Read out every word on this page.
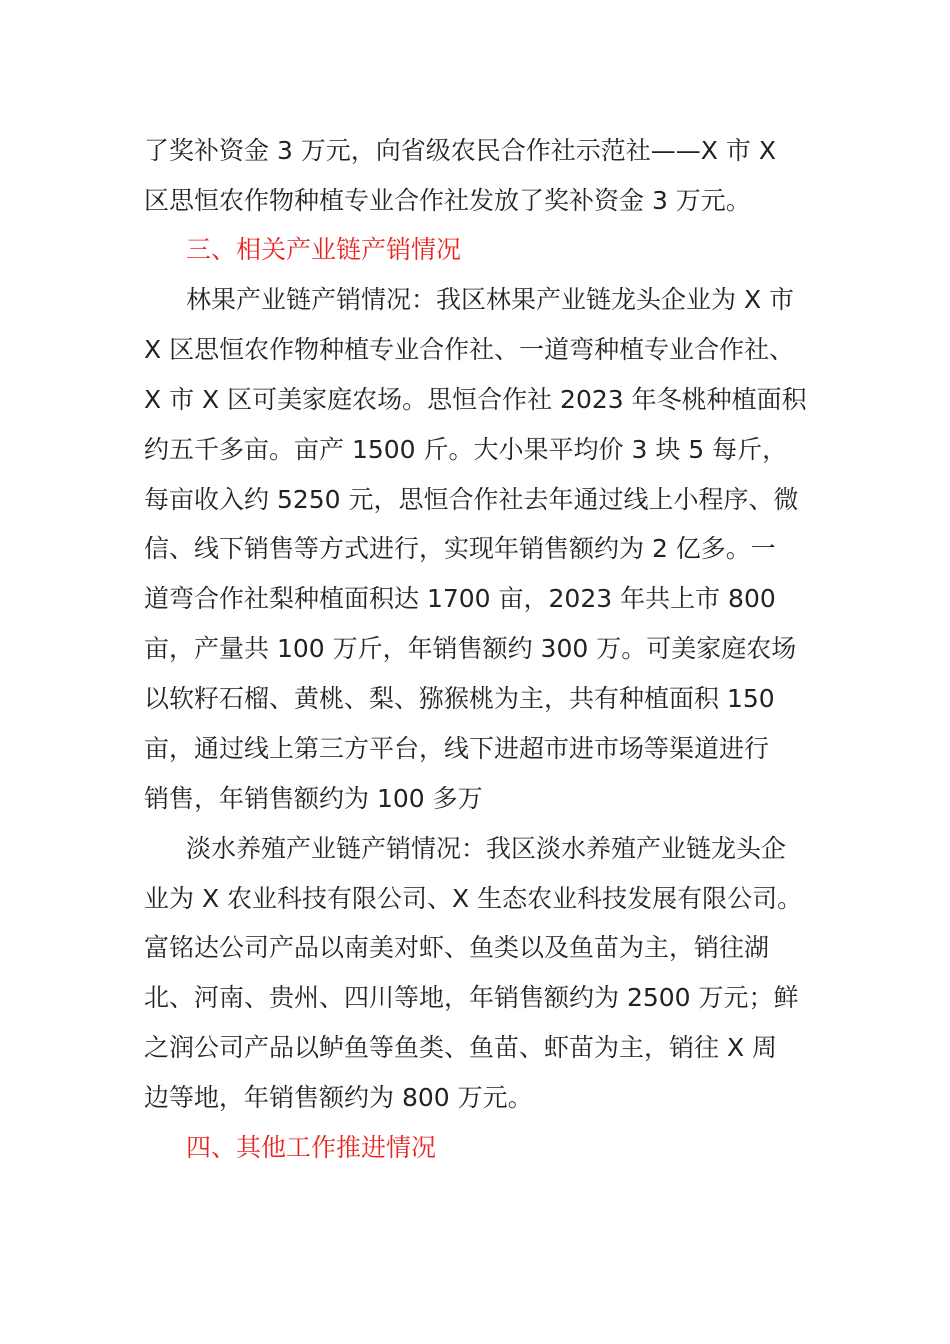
了奖补资金 3 万元，向省级农民合作社示范社——X 市 X

区思恒农作物种植专业合作社发放了奖补资金 3 万元。

三、相关产业链产销情况

林果产业链产销情况：我区林果产业链龙头企业为 X 市

X 区思恒农作物种植专业合作社、一道弯种植专业合作社、

X 市 X 区可美家庭农场。思恒合作社 2023 年冬桃种植面积

约五千多亩。亩产 1500 斤。大小果平均价 3 块 5 每斤，

每亩收入约 5250 元，思恒合作社去年通过线上小程序、微

信、线下销售等方式进行，实现年销售额约为 2 亿多。一

道弯合作社梨种植面积达 1700 亩，2023 年共上市 800

亩，产量共 100 万斤，年销售额约 300 万。可美家庭农场

以软籽石榴、黄桃、梨、猕猴桃为主，共有种植面积 150

亩，通过线上第三方平台，线下进超市进市场等渠道进行

销售，年销售额约为 100 多万

淡水养殖产业链产销情况：我区淡水养殖产业链龙头企

业为 X 农业科技有限公司、X 生态农业科技发展有限公司。

富铭达公司产品以南美对虾、鱼类以及鱼苗为主，销往湖

北、河南、贵州、四川等地，年销售额约为 2500 万元；鲜

之润公司产品以鲈鱼等鱼类、鱼苗、虾苗为主，销往 X 周

边等地，年销售额约为 800 万元。

四、其他工作推进情况
